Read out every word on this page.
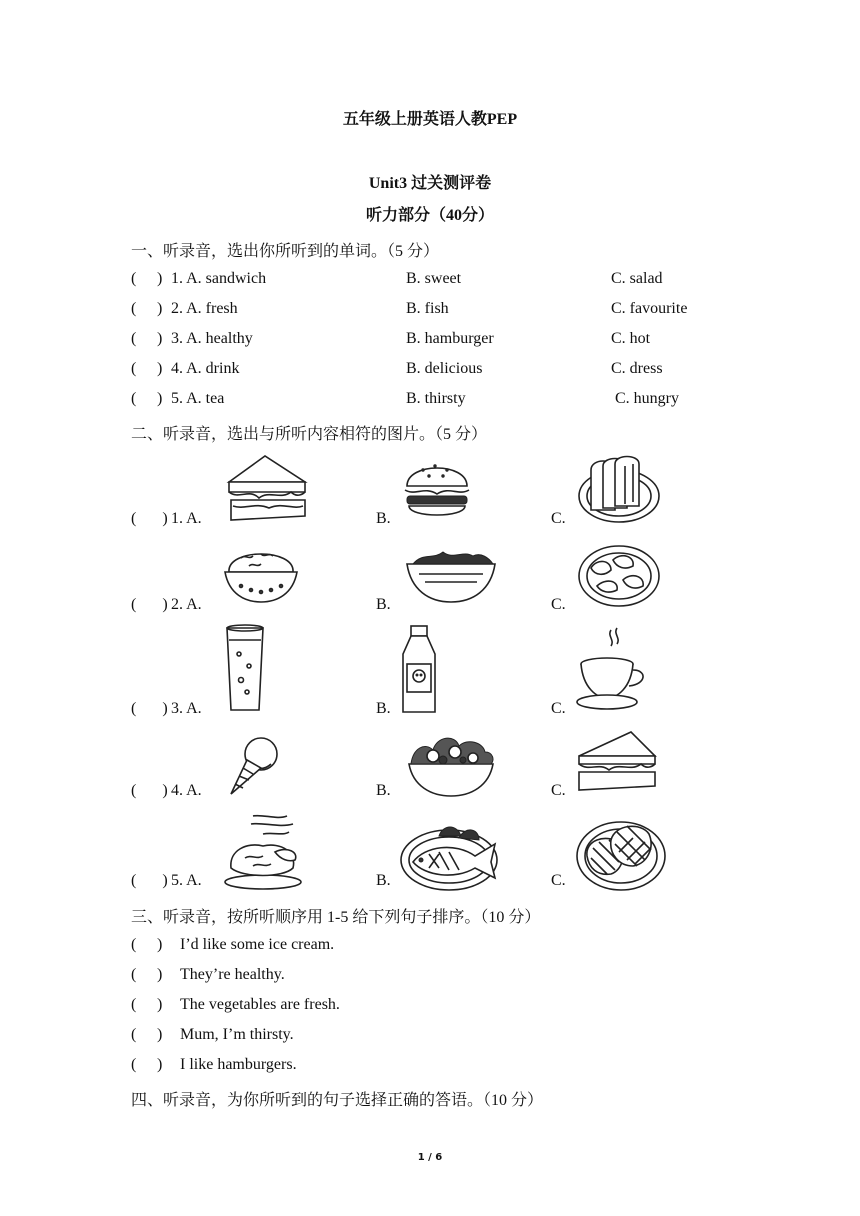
五年级上册英语人教PEP
Unit3 过关测评卷
听力部分（40分）
一、听录音，选出你所听到的单词。（5 分）
( ) 1. A. sandwich	B. sweet	C. salad
( ) 2. A. fresh	B. fish	C. favourite
( ) 3. A. healthy	B. hamburger	C. hot
( ) 4. A. drink	B. delicious	C. dress
( ) 5. A. tea	B. thirsty	C. hungry
二、听录音，选出与所听内容相符的图片。（5 分）
( ) 1. A.	B.	C.
( ) 2. A.	B.	C.
( ) 3. A.	B.	C.
( ) 4. A.	B.	C.
( ) 5. A.	B.	C.
三、听录音，按所听顺序用 1-5 给下列句子排序。（10 分）
( ) I’d like some ice cream.
( ) They’re healthy.
( ) The vegetables are fresh.
( ) Mum, I’m thirsty.
( ) I like hamburgers.
四、听录音，为你所听到的句子选择正确的答语。（10 分）
1 / 6
